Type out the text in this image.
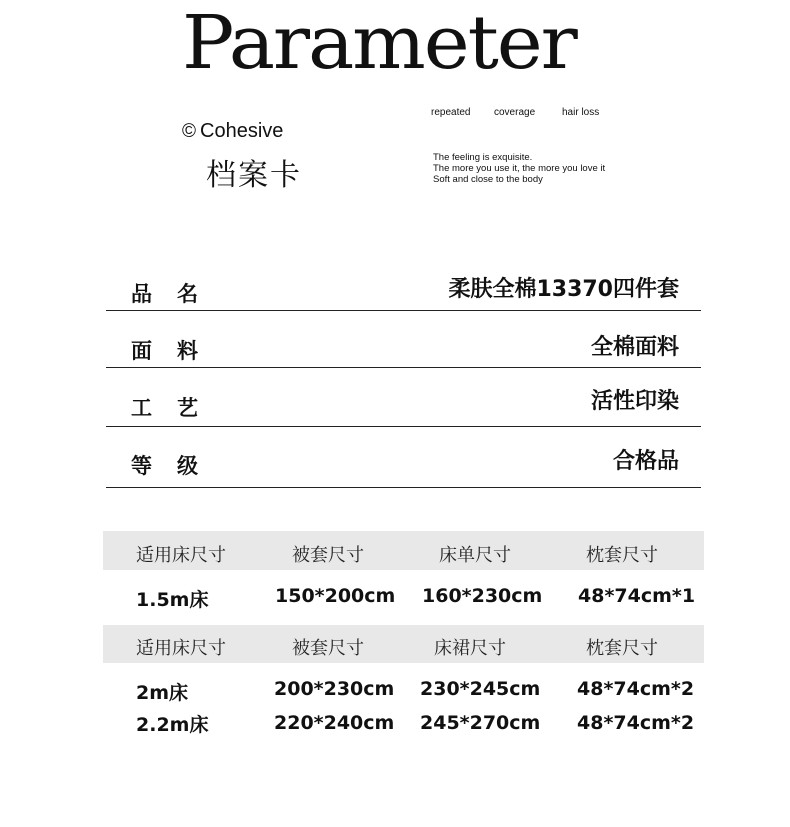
Parameter
© Cohesive
档案卡
repeated coverage	hair loss
The feeling is exquisite.
The more you use it, the more you love it
Soft and close to the body
品 名	柔肤全棉13370四件套
面 料	全棉面料
工 艺	活性印染
等 级	合格品
适用床尺寸	被套尺寸	床单尺寸	枕套尺寸
1.5m床	150*200cm 160*230cm 48*74cm*1
适用床尺寸	被套尺寸	床裙尺寸	枕套尺寸
2m床	200*230cm 230*245cm 48*74cm*2
2.2m床	220*240cm 245*270cm 48*74cm*2
